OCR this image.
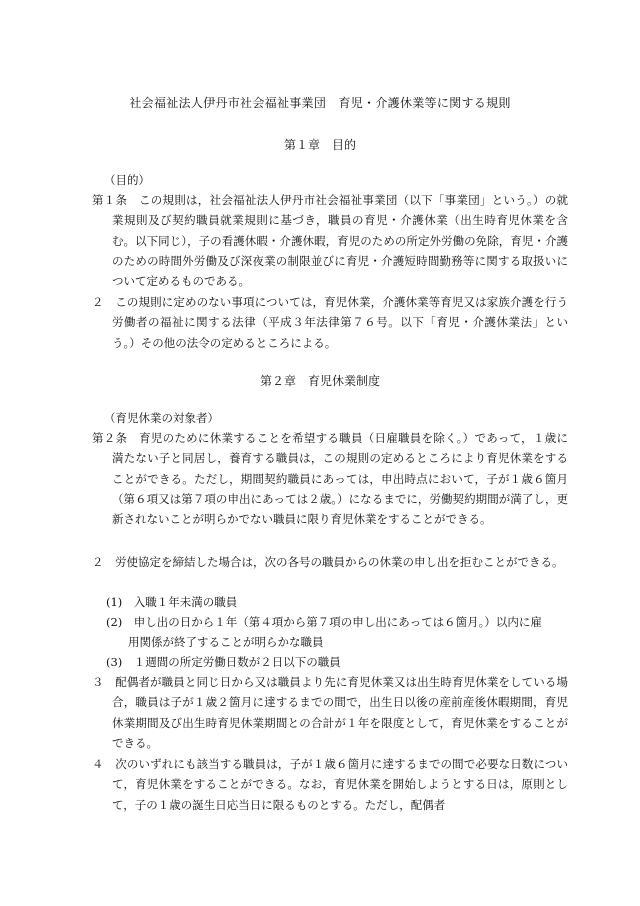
社会福祉法人伊丹市社会福祉事業団　育児・介護休業等に関する規則
第１章　目的
（目的）
第１条　この規則は，社会福祉法人伊丹市社会福祉事業団（以下「事業団」という。）の就業規則及び契約職員就業規則に基づき，職員の育児・介護休業（出生時育児休業を含む。以下同じ），子の看護休暇・介護休暇，育児のための所定外労働の免除，育児・介護のための時間外労働及び深夜業の制限並びに育児・介護短時間勤務等に関する取扱いについて定めるものである。
２　この規則に定めのない事項については，育児休業，介護休業等育児又は家族介護を行う労働者の福祉に関する法律（平成３年法律第７６号。以下「育児・介護休業法」という。）その他の法令の定めるところによる。
第２章　育児休業制度
（育児休業の対象者）
第２条　育児のために休業することを希望する職員（日雇職員を除く。）であって，１歳に満たない子と同居し，養育する職員は，この規則の定めるところにより育児休業をすることができる。ただし，期間契約職員にあっては，申出時点において，子が１歳６箇月（第６項又は第７項の申出にあっては２歳。）になるまでに，労働契約期間が満了し，更新されないことが明らかでない職員に限り育児休業をすることができる。
２　労使協定を締結した場合は，次の各号の職員からの休業の申し出を拒むことができる。
(1)　入職１年未満の職員
(2)　申し出の日から１年（第４項から第７項の申し出にあっては６箇月。）以内に雇用関係が終了することが明らかな職員
(3)　１週間の所定労働日数が２日以下の職員
３　配偶者が職員と同じ日から又は職員より先に育児休業又は出生時育児休業をしている場合，職員は子が１歳２箇月に達するまでの間で，出生日以後の産前産後休暇期間，育児休業期間及び出生時育児休業期間との合計が１年を限度として，育児休業をすることができる。
４　次のいずれにも該当する職員は，子が１歳６箇月に達するまでの間で必要な日数について，育児休業をすることができる。なお，育児休業を開始しようとする日は，原則として，子の１歳の誕生日応当日に限るものとする。ただし，配偶者
